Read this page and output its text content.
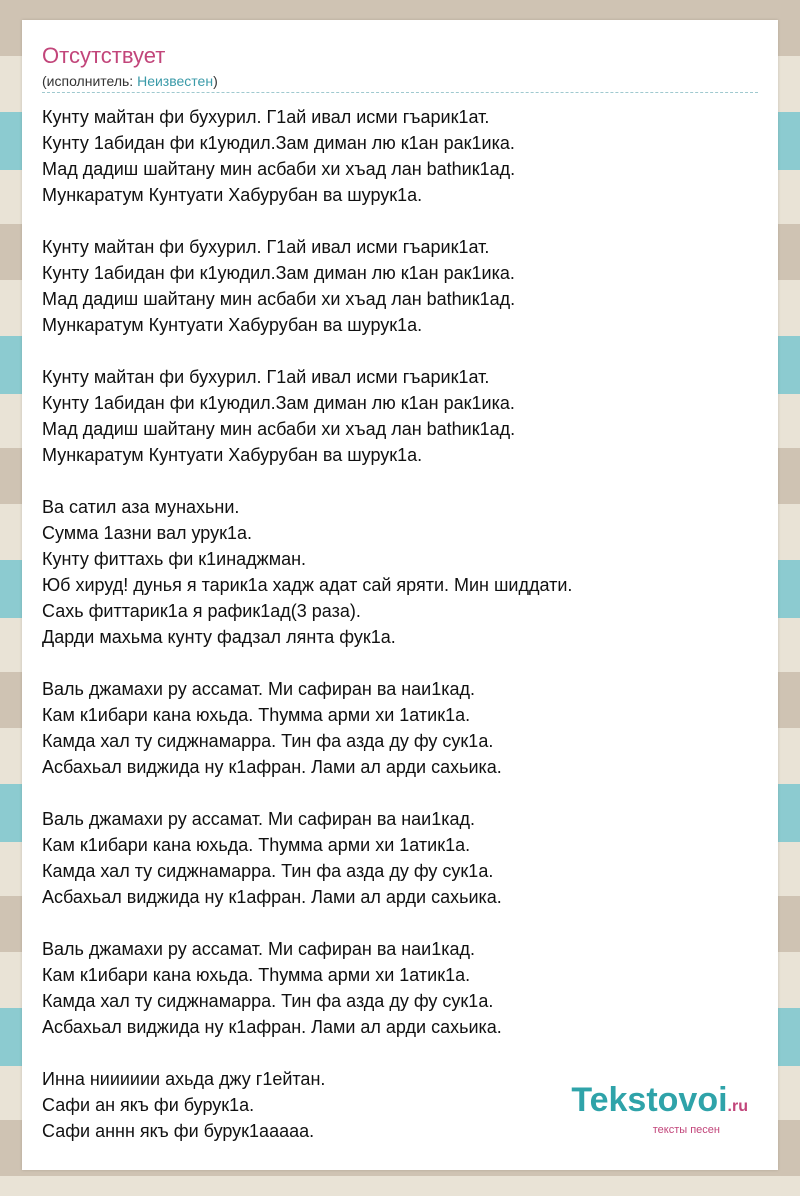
Отсутствует
(исполнитель: Неизвестен)
Кунту майтан фи бухурил. Г1ай ивал исми гъарик1ат.
Кунту 1абидан фи к1уюдил.Зам диман лю к1ан рак1ика.
Мад дадиш шайтану мин асбаби хи хъад лан bathик1ад.
Мункаратум Кунтуати Хабурубан ва шурук1а.
Кунту майтан фи бухурил. Г1ай ивал исми гъарик1ат.
Кунту 1абидан фи к1уюдил.Зам диман лю к1ан рак1ика.
Мад дадиш шайтану мин асбаби хи хъад лан bathик1ад.
Мункаратум Кунтуати Хабурубан ва шурук1а.
Кунту майтан фи бухурил. Г1ай ивал исми гъарик1ат.
Кунту 1абидан фи к1уюдил.Зам диман лю к1ан рак1ика.
Мад дадиш шайтану мин асбаби хи хъад лан bathик1ад.
Мункаратум Кунтуати Хабурубан ва шурук1а.
Ва сатил аза мунахьни.
Сумма 1азни вал урук1а.
Кунту фиттахь фи к1инаджман.
Юб хируд! дунья я тарик1а хадж адат сай яряти. Мин шиддати.
Сахь фиттарик1а я рафик1ад(3 раза).
Дарди махьма кунту фадзал лянта фук1а.
Валь джамахи ру ассамат. Ми сафиран ва наи1кад.
Кам к1ибари кана юхьда. Тhумма арми хи 1атик1а.
Камда хал ту сиджнамарра. Тин фа азда ду фу сук1а.
Асбахьал виджида ну к1афран. Лами ал арди сахьика.
Валь джамахи ру ассамат. Ми сафиран ва наи1кад.
Кам к1ибари кана юхьда. Тhумма арми хи 1атик1а.
Камда хал ту сиджнамарра. Тин фа азда ду фу сук1а.
Асбахьал виджида ну к1афран. Лами ал арди сахьика.
Валь джамахи ру ассамат. Ми сафиран ва наи1кад.
Кам к1ибари кана юхьда. Тhумма арми хи 1атик1а.
Камда хал ту сиджнамарра. Тин фа азда ду фу сук1а.
Асбахьал виджида ну к1афран. Лами ал арди сахьика.
Инна нииииии ахьда джу г1ейтан.
Сафи ан якъ фи бурук1а.
Сафи аннн якъ фи бурук1ааааа.
Tekstovoi.ru
тексты песен
